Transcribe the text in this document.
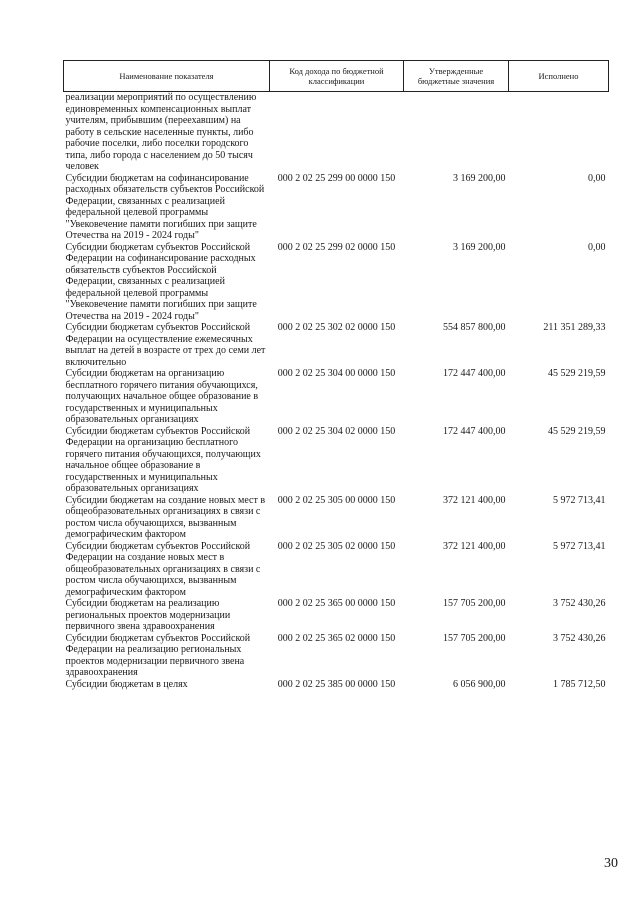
Наименование показателя	Код дохода по бюджетной классификации	Утвержденные бюджетные значения	Исполнено
реализации мероприятий по осуществлению единовременных компенсационных выплат учителям, прибывшим (переехавшим) на работу в сельские населенные пункты, либо рабочие поселки, либо поселки городского типа, либо города с населением до 50 тысяч человек			
Субсидии бюджетам на софинансирование расходных обязательств субъектов Российской Федерации, связанных с реализацией федеральной целевой программы "Увековечение памяти погибших при защите Отечества на 2019 - 2024 годы"	000 2 02 25 299 00 0000 150	3 169 200,00	0,00
Субсидии бюджетам субъектов Российской Федерации на софинансирование расходных обязательств субъектов Российской Федерации, связанных с реализацией федеральной целевой программы "Увековечение памяти погибших при защите Отечества на 2019 - 2024 годы"	000 2 02 25 299 02 0000 150	3 169 200,00	0,00
Субсидии бюджетам субъектов Российской Федерации на осуществление ежемесячных выплат на детей в возрасте от трех до семи лет включительно	000 2 02 25 302 02 0000 150	554 857 800,00	211 351 289,33
Субсидии бюджетам на организацию бесплатного горячего питания обучающихся, получающих начальное общее образование в государственных и муниципальных образовательных организациях	000 2 02 25 304 00 0000 150	172 447 400,00	45 529 219,59
Субсидии бюджетам субъектов Российской Федерации на организацию бесплатного горячего питания обучающихся, получающих начальное общее образование в государственных и муниципальных образовательных организациях	000 2 02 25 304 02 0000 150	172 447 400,00	45 529 219,59
Субсидии бюджетам на создание новых мест в общеобразовательных организациях в связи с ростом числа обучающихся, вызванным демографическим фактором	000 2 02 25 305 00 0000 150	372 121 400,00	5 972 713,41
Субсидии бюджетам субъектов Российской Федерации на создание новых мест в общеобразовательных организациях в связи с ростом числа обучающихся, вызванным демографическим фактором	000 2 02 25 305 02 0000 150	372 121 400,00	5 972 713,41
Субсидии бюджетам на реализацию региональных проектов модернизации первичного звена здравоохранения	000 2 02 25 365 00 0000 150	157 705 200,00	3 752 430,26
Субсидии бюджетам субъектов Российской Федерации на реализацию региональных проектов модернизации первичного звена здравоохранения	000 2 02 25 365 02 0000 150	157 705 200,00	3 752 430,26
Субсидии бюджетам в целях	000 2 02 25 385 00 0000 150	6 056 900,00	1 785 712,50
30
